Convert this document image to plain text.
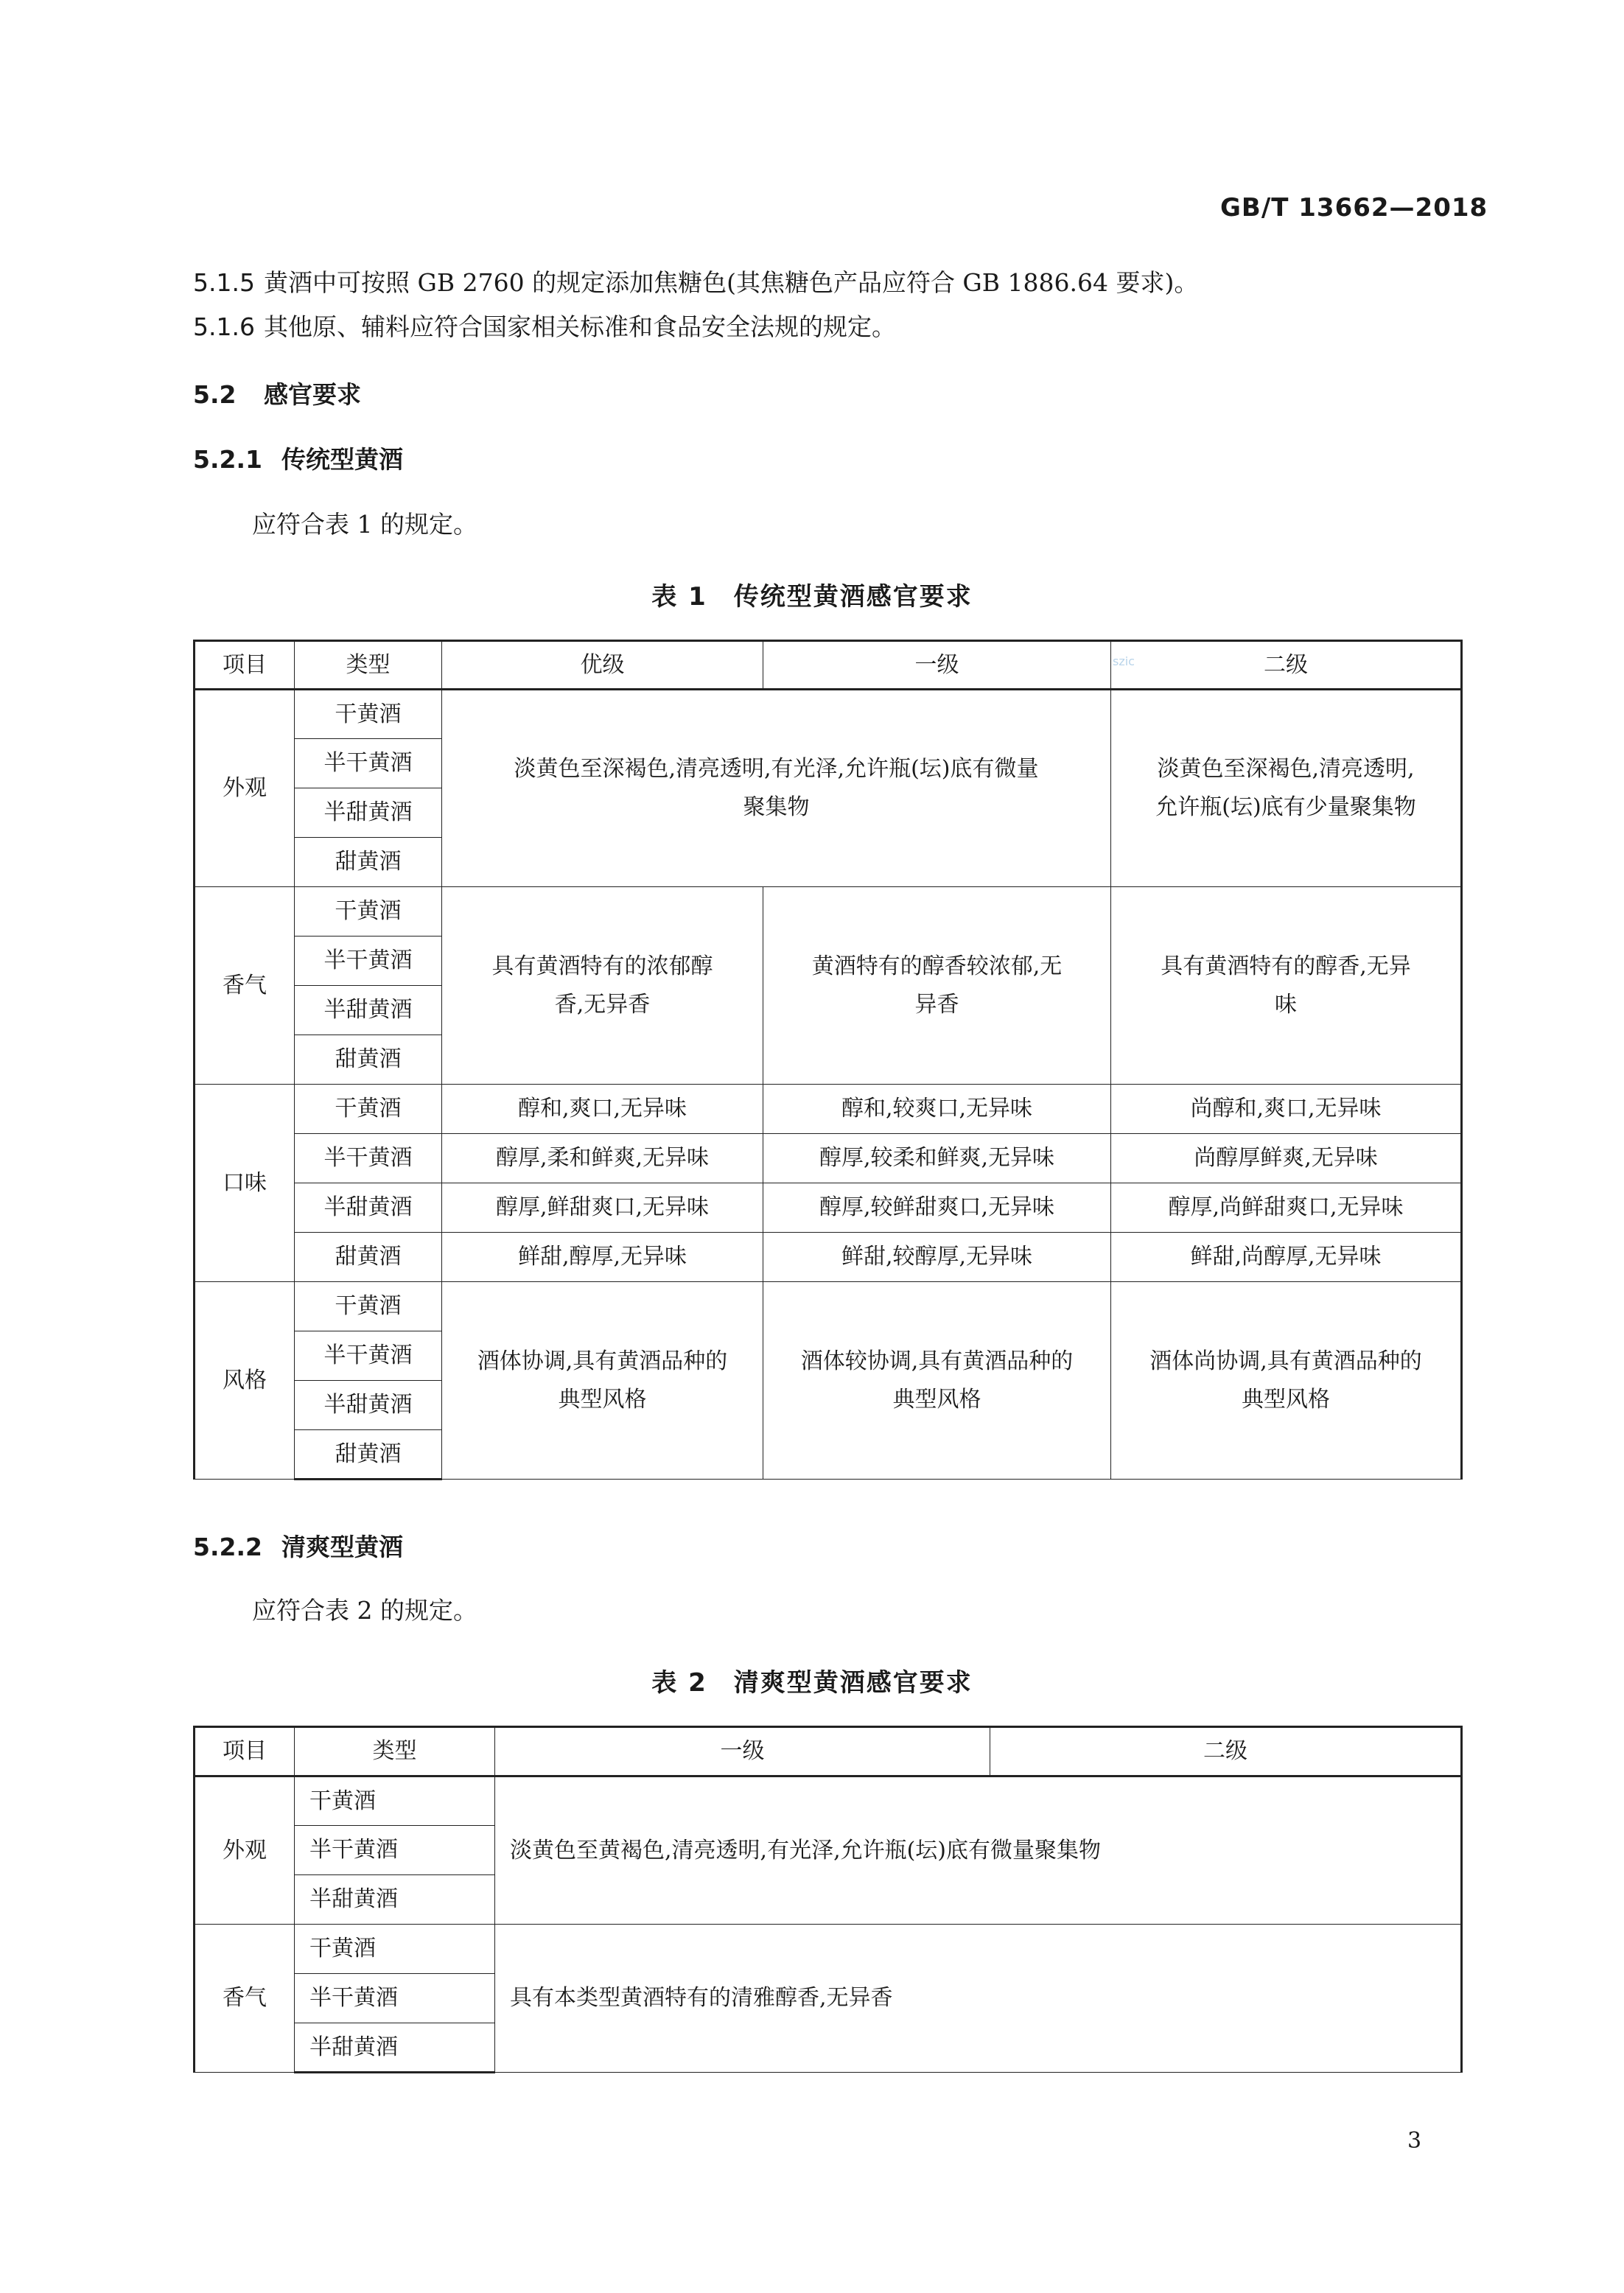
GB/T 13662—2018
5.1.5 黄酒中可按照 GB 2760 的规定添加焦糖色(其焦糖色产品应符合 GB 1886.64 要求)。
5.1.6 其他原、辅料应符合国家相关标准和食品安全法规的规定。
5.2 感官要求
5.2.1 传统型黄酒
应符合表 1 的规定。
表 1　传统型黄酒感官要求
szic
项目	类型	优级	一级	二级
外观	干黄酒	淡黄色至深褐色,清亮透明,有光泽,允许瓶(坛)底有微量聚集物		淡黄色至深褐色,清亮透明,允许瓶(坛)底有少量聚集物
	半干黄酒			
	半甜黄酒			
	甜黄酒			
香气	干黄酒	具有黄酒特有的浓郁醇香,无异香	黄酒特有的醇香较浓郁,无异香	具有黄酒特有的醇香,无异味
	半干黄酒			
	半甜黄酒			
	甜黄酒			
口味	干黄酒	醇和,爽口,无异味	醇和,较爽口,无异味	尚醇和,爽口,无异味
	半干黄酒	醇厚,柔和鲜爽,无异味	醇厚,较柔和鲜爽,无异味	尚醇厚鲜爽,无异味
	半甜黄酒	醇厚,鲜甜爽口,无异味	醇厚,较鲜甜爽口,无异味	醇厚,尚鲜甜爽口,无异味
	甜黄酒	鲜甜,醇厚,无异味	鲜甜,较醇厚,无异味	鲜甜,尚醇厚,无异味
风格	干黄酒	酒体协调,具有黄酒品种的典型风格	酒体较协调,具有黄酒品种的典型风格	酒体尚协调,具有黄酒品种的典型风格
	半干黄酒			
	半甜黄酒			
	甜黄酒			
5.2.2 清爽型黄酒
应符合表 2 的规定。
表 2　清爽型黄酒感官要求
项目	类型	一级	二级
外观	干黄酒	淡黄色至黄褐色,清亮透明,有光泽,允许瓶(坛)底有微量聚集物	
	半干黄酒		
	半甜黄酒		
香气	干黄酒	具有本类型黄酒特有的清雅醇香,无异香	
	半干黄酒		
	半甜黄酒		
3
